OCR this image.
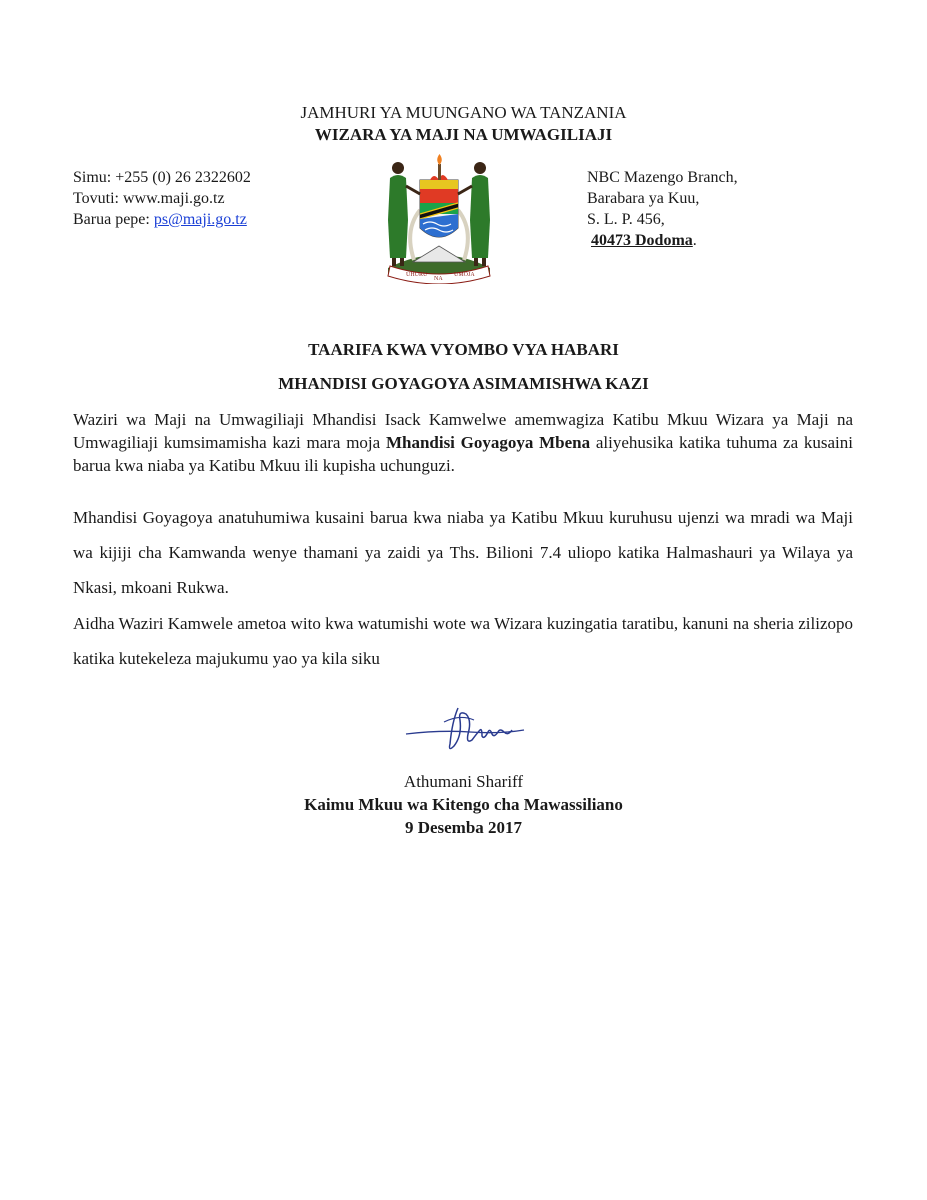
JAMHURI YA MUUNGANO WA TANZANIA
WIZARA YA MAJI NA UMWAGILIAJI
Simu: +255 (0) 26 2322602
Tovuti: www.maji.go.tz
Barua pepe: ps@maji.go.tz
UHURU
NA
UMOJA
NBC Mazengo Branch,
Barabara ya Kuu,
S. L. P. 456,
40473 Dodoma.
TAARIFA KWA VYOMBO VYA HABARI
MHANDISI GOYAGOYA ASIMAMISHWA KAZI
Waziri wa Maji na Umwagiliaji Mhandisi Isack Kamwelwe amemwagiza Katibu Mkuu Wizara ya Maji na Umwagiliaji kumsimamisha kazi mara moja Mhandisi Goyagoya Mbena aliyehusika katika tuhuma za kusaini barua kwa niaba ya Katibu Mkuu ili kupisha uchunguzi.
Mhandisi Goyagoya anatuhumiwa kusaini barua kwa niaba ya Katibu Mkuu kuruhusu ujenzi wa mradi wa Maji wa kijiji cha Kamwanda wenye thamani ya zaidi ya Ths. Bilioni 7.4 uliopo katika Halmashauri ya Wilaya ya Nkasi, mkoani Rukwa.
Aidha Waziri Kamwele ametoa wito kwa watumishi wote wa Wizara kuzingatia taratibu, kanuni na sheria zilizopo katika kutekeleza majukumu yao ya kila siku
Athumani Shariff
Kaimu Mkuu wa Kitengo cha Mawassiliano
9 Desemba 2017
